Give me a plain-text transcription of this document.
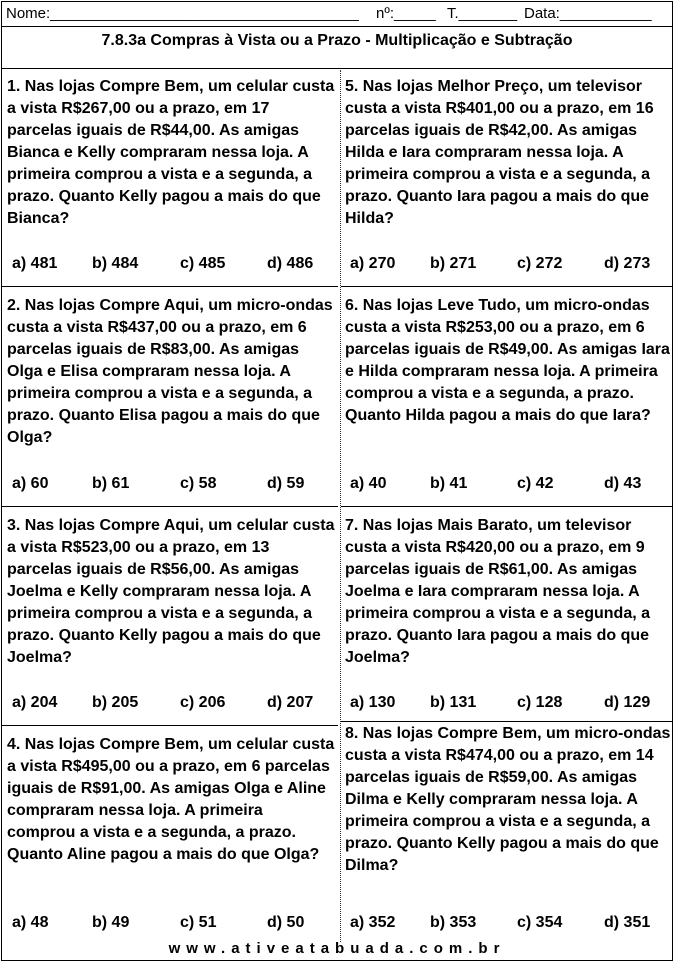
Nome:_____________________________________ nº:_____ T._______ Data:___________
7.8.3a Compras à Vista ou a Prazo - Multiplicação e Subtração
1. Nas lojas Compre Bem, um celular custa a vista R$267,00 ou a prazo, em 17 parcelas iguais de R$44,00. As amigas Bianca e Kelly compraram nessa loja. A primeira comprou a vista e a segunda, a prazo. Quanto Kelly pagou a mais do que Bianca?
a) 481 b) 484	c) 485	d) 486
2. Nas lojas Compre Aqui, um micro-ondas custa a vista R$437,00 ou a prazo, em 6 parcelas iguais de R$83,00. As amigas Olga e Elisa compraram nessa loja. A primeira comprou a vista e a segunda, a prazo. Quanto Elisa pagou a mais do que Olga?
a) 60	b) 61	c) 58	d) 59
3. Nas lojas Compre Aqui, um celular custa a vista R$523,00 ou a prazo, em 13 parcelas iguais de R$56,00. As amigas Joelma e Kelly compraram nessa loja. A primeira comprou a vista e a segunda, a prazo. Quanto Kelly pagou a mais do que Joelma?
a) 204 b) 205	c) 206	d) 207
4. Nas lojas Compre Bem, um celular custa a vista R$495,00 ou a prazo, em 6 parcelas iguais de R$91,00. As amigas Olga e Aline compraram nessa loja. A primeira comprou a vista e a segunda, a prazo. Quanto Aline pagou a mais do que Olga?
a) 48	b) 49	c) 51	d) 50
5. Nas lojas Melhor Preço, um televisor custa a vista R$401,00 ou a prazo, em 16 parcelas iguais de R$42,00. As amigas Hilda e Iara compraram nessa loja. A primeira comprou a vista e a segunda, a prazo. Quanto Iara pagou a mais do que Hilda?
a) 270 b) 271	c) 272	d) 273
6. Nas lojas Leve Tudo, um micro-ondas custa a vista R$253,00 ou a prazo, em 6 parcelas iguais de R$49,00. As amigas Iara e Hilda compraram nessa loja. A primeira comprou a vista e a segunda, a prazo. Quanto Hilda pagou a mais do que Iara?
a) 40	b) 41	c) 42	d) 43
7. Nas lojas Mais Barato, um televisor custa a vista R$420,00 ou a prazo, em 9 parcelas iguais de R$61,00. As amigas Joelma e Iara compraram nessa loja. A primeira comprou a vista e a segunda, a prazo. Quanto Iara pagou a mais do que Joelma?
a) 130 b) 131	c) 128	d) 129
8. Nas lojas Compre Bem, um micro-ondas custa a vista R$474,00 ou a prazo, em 14 parcelas iguais de R$59,00. As amigas Dilma e Kelly compraram nessa loja. A primeira comprou a vista e a segunda, a prazo. Quanto Kelly pagou a mais do que Dilma?
a) 352 b) 353	c) 354	d) 351
www.ativeatabuada.com.br
